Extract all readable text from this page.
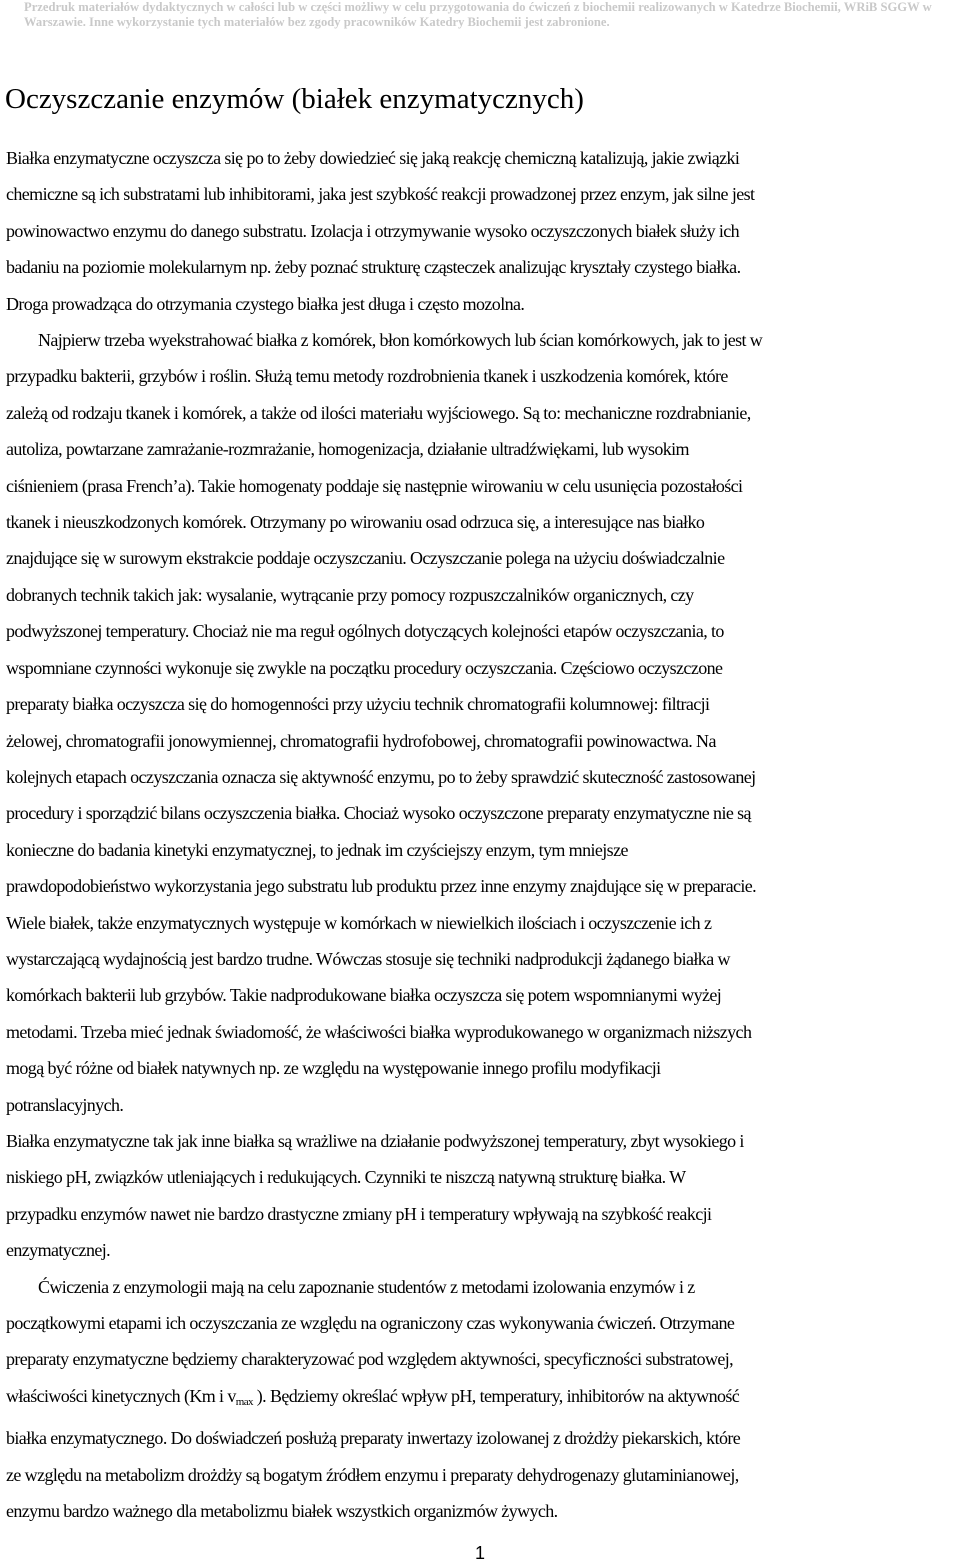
Przedruk materiałów dydaktycznych w całości lub w części możliwy w celu przygotowania do ćwiczeń z biochemii realizowanych w Katedrze Biochemii, WRiB SGGW w
Warszawie. Inne wykorzystanie tych materiałów bez zgody pracowników Katedry Biochemii jest zabronione.
Oczyszczanie enzymów (białek enzymatycznych)

Białka enzymatyczne oczyszcza się po to żeby dowiedzieć się jaką reakcję chemiczną katalizują, jakie związki
chemiczne są ich substratami lub inhibitorami, jaka jest szybkość reakcji prowadzonej przez enzym, jak silne jest
powinowactwo enzymu do danego substratu. Izolacja i otrzymywanie wysoko oczyszczonych białek służy ich
badaniu na poziomie molekularnym np. żeby poznać strukturę cząsteczek analizując kryształy czystego białka.
Droga prowadząca do otrzymania czystego białka jest długa i często mozolna.

Najpierw trzeba wyekstrahować białka z komórek, błon komórkowych lub ścian komórkowych, jak to jest w
przypadku bakterii, grzybów i roślin. Służą temu metody rozdrobnienia tkanek i uszkodzenia komórek, które
zależą od rodzaju tkanek i komórek, a także od ilości materiału wyjściowego. Są to: mechaniczne rozdrabnianie,
autoliza, powtarzane zamrażanie-rozmrażanie, homogenizacja, działanie ultradźwiękami, lub wysokim
ciśnieniem (prasa French’a). Takie homogenaty poddaje się następnie wirowaniu w celu usunięcia pozostałości
tkanek i nieuszkodzonych komórek. Otrzymany po wirowaniu osad odrzuca się, a interesujące nas białko
znajdujące się w surowym ekstrakcie poddaje oczyszczaniu. Oczyszczanie polega na użyciu doświadczalnie
dobranych technik takich jak: wysalanie, wytrącanie przy pomocy rozpuszczalników organicznych, czy
podwyższonej temperatury. Chociaż nie ma reguł ogólnych dotyczących kolejności etapów oczyszczania, to
wspomniane czynności wykonuje się zwykle na początku procedury oczyszczania. Częściowo oczyszczone
preparaty białka oczyszcza się do homogenności przy użyciu technik chromatografii kolumnowej: filtracji
żelowej, chromatografii jonowymiennej, chromatografii hydrofobowej, chromatografii powinowactwa. Na
kolejnych etapach oczyszczania oznacza się aktywność enzymu, po to żeby sprawdzić skuteczność zastosowanej
procedury i sporządzić bilans oczyszczenia białka. Chociaż wysoko oczyszczone preparaty enzymatyczne nie są
konieczne do badania kinetyki enzymatycznej, to jednak im czyściejszy enzym, tym mniejsze
prawdopodobieństwo wykorzystania jego substratu lub produktu przez inne enzymy znajdujące się w preparacie.
Wiele białek, także enzymatycznych występuje w komórkach w niewielkich ilościach i oczyszczenie ich z
wystarczającą wydajnością jest bardzo trudne. Wówczas stosuje się techniki nadprodukcji żądanego białka w
komórkach bakterii lub grzybów. Takie nadprodukowane białka oczyszcza się potem wspomnianymi wyżej
metodami. Trzeba mieć jednak świadomość, że właściwości białka wyprodukowanego w organizmach niższych
mogą być różne od białek natywnych np. ze względu na występowanie innego profilu modyfikacji
potranslacyjnych.

Białka enzymatyczne tak jak inne białka są wrażliwe na działanie podwyższonej temperatury, zbyt wysokiego i
niskiego pH, związków utleniających i redukujących. Czynniki te niszczą natywną strukturę białka. W
przypadku enzymów nawet nie bardzo drastyczne zmiany pH i temperatury wpływają na szybkość reakcji
enzymatycznej.

Ćwiczenia z enzymologii mają na celu zapoznanie studentów z metodami izolowania enzymów i z
początkowymi etapami ich oczyszczania ze względu na ograniczony czas wykonywania ćwiczeń. Otrzymane
preparaty enzymatyczne będziemy charakteryzować pod względem aktywności, specyficzności substratowej,
właściwości kinetycznych (Km i $v_{max}$ ). Będziemy określać wpływ pH, temperatury, inhibitorów na aktywność
białka enzymatycznego. Do doświadczeń posłużą preparaty inwertazy izolowanej z drożdży piekarskich, które
ze względu na metabolizm drożdży są bogatym źródłem enzymu i preparaty dehydrogenazy glutaminianowej,
enzymu bardzo ważnego dla metabolizmu białek wszystkich organizmów żywych.

1
